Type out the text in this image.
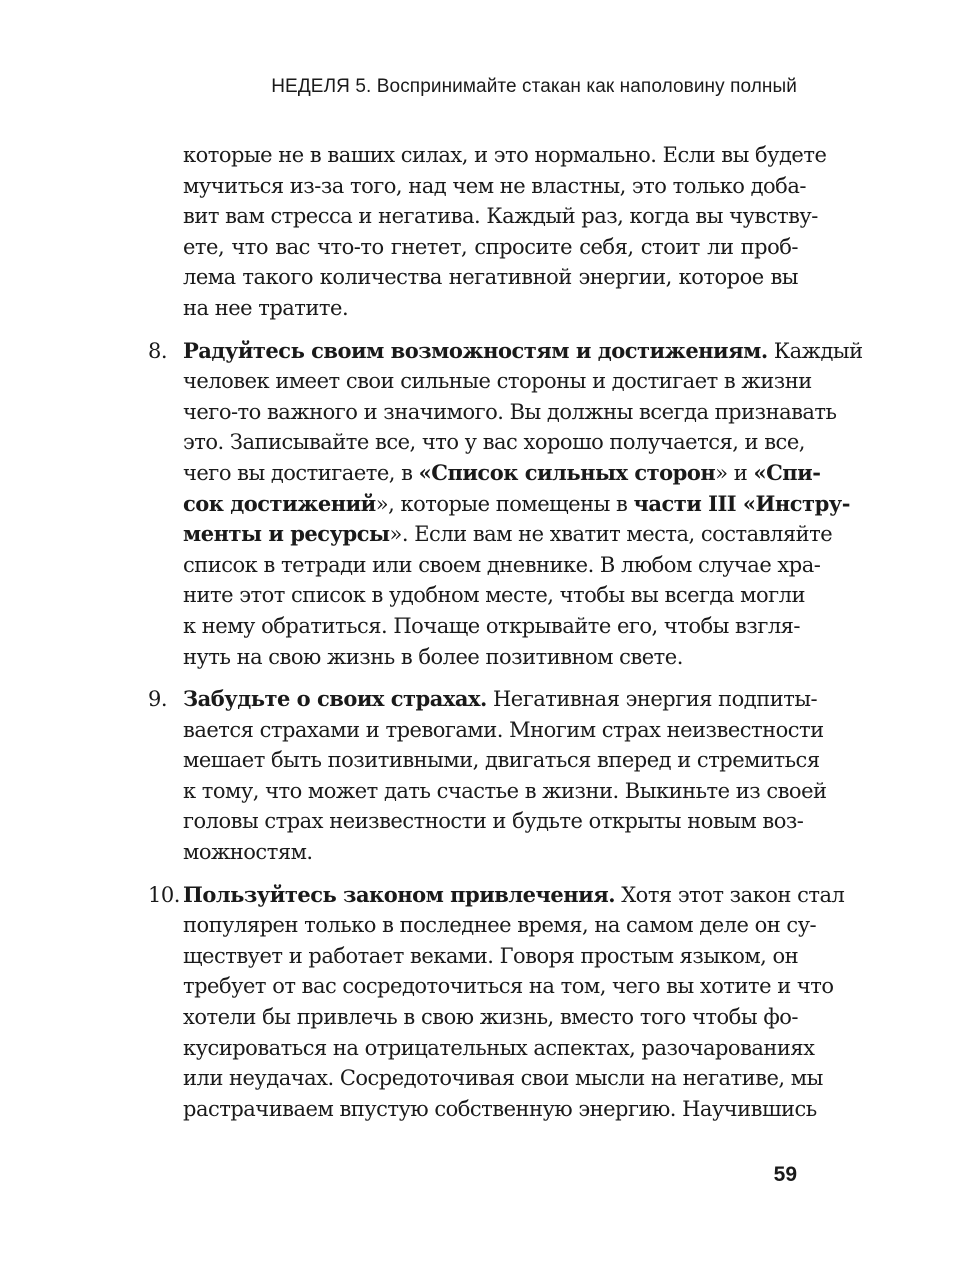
НЕДЕЛЯ 5. Воспринимайте стакан как наполовину полный
которые не в ваших силах, и это нормально. Если вы будете
мучиться из-за того, над чем не властны, это только доба-
вит вам стресса и негатива. Каждый раз, когда вы чувству-
ете, что вас что-то гнетет, спросите себя, стоит ли проб-
лема такого количества негативной энергии, которое вы
на нее тратите.
8. Радуйтесь своим возможностям и достижениям. Каждый
человек имеет свои сильные стороны и достигает в жизни
чего-то важного и значимого. Вы должны всегда признавать
это. Записывайте все, что у вас хорошо получается, и все,
чего вы достигаете, в «Список сильных сторон» и «Спи-
сок достижений», которые помещены в части III «Инстру-
менты и ресурсы». Если вам не хватит места, составляйте
список в тетради или своем дневнике. В любом случае хра-
ните этот список в удобном месте, чтобы вы всегда могли
к нему обратиться. Почаще открывайте его, чтобы взгля-
нуть на свою жизнь в более позитивном свете.
9. Забудьте о своих страхах. Негативная энергия подпиты-
вается страхами и тревогами. Многим страх неизвестности
мешает быть позитивными, двигаться вперед и стремиться
к тому, что может дать счастье в жизни. Выкиньте из своей
головы страх неизвестности и будьте открыты новым воз-
можностям.
10. Пользуйтесь законом привлечения. Хотя этот закон стал
популярен только в последнее время, на самом деле он су-
ществует и работает веками. Говоря простым языком, он
требует от вас сосредоточиться на том, чего вы хотите и что
хотели бы привлечь в свою жизнь, вместо того чтобы фо-
кусироваться на отрицательных аспектах, разочарованиях
или неудачах. Сосредоточивая свои мысли на негативе, мы
растрачиваем впустую собственную энергию. Научившись
59
